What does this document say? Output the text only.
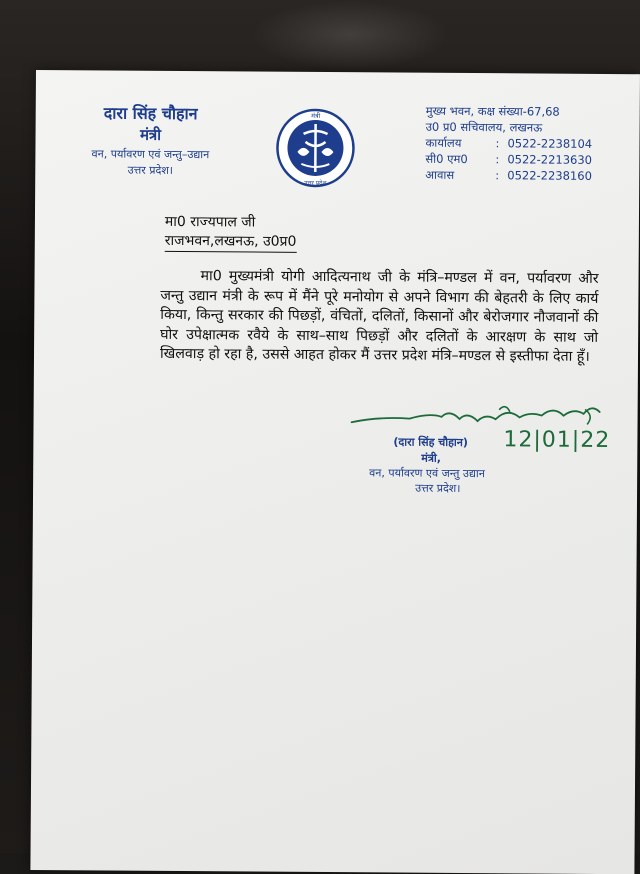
दारा सिंह चौहान
मंत्री
वन, पर्यावरण एवं जन्तु–उद्यान
उत्तर प्रदेश।
मंत्री
उत्तर प्रदेश
मुख्य भवन, कक्ष संख्या-67,68
उ0 प्र0 सचिवालय, लखनऊ
कार्यालय	: 0522-2238104
सी0 एम0	: 0522-2213630
आवास	: 0522-2238160
मा0 राज्यपाल जी
राजभवन,लखनऊ, उ0प्र0
मा0 मुख्यमंत्री योगी आदित्यनाथ जी के मंत्रि–मण्डल में वन, पर्यावरण और जन्तु उद्यान मंत्री के रूप में मैंने पूरे मनोयोग से अपने विभाग की बेहतरी के लिए कार्य किया, किन्तु सरकार की पिछड़ों, वंचितों, दलितों, किसानों और बेरोजगार नौजवानों की घोर उपेक्षात्मक रवैये के साथ–साथ पिछड़ों और दलितों के आरक्षण के साथ जो खिलवाड़ हो रहा है, उससे आहत होकर मैं उत्तर प्रदेश मंत्रि–मण्डल से इस्तीफा देता हूँ।
(दारा सिंह चौहान) 12|01|22
मंत्री,
वन, पर्यावरण एवं जन्तु उद्यान
उत्तर प्रदेश।
